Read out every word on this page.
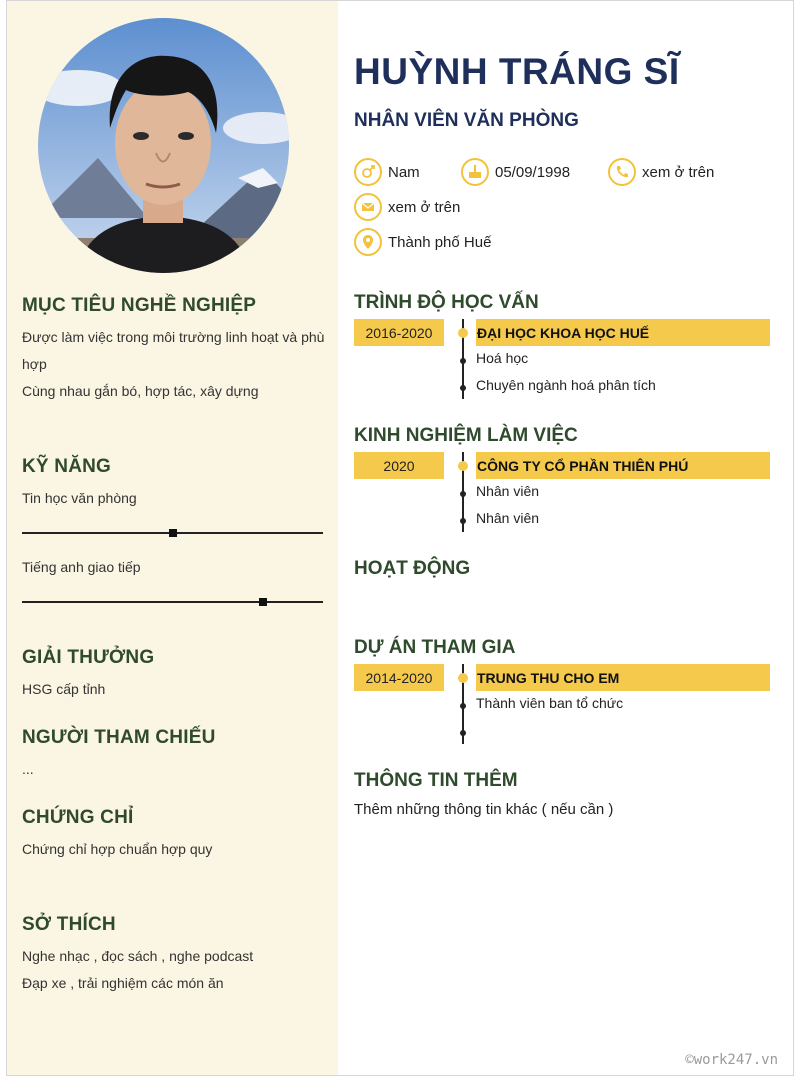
MỤC TIÊU NGHỀ NGHIỆP
Được làm việc trong môi trường linh hoạt và phù hợp
Cùng nhau gắn bó, hợp tác, xây dựng
KỸ NĂNG
Tin học văn phòng
Tiếng anh giao tiếp
GIẢI THƯỞNG
HSG cấp tỉnh
NGƯỜI THAM CHIẾU
...
CHỨNG CHỈ
Chứng chỉ hợp chuẩn hợp quy
SỞ THÍCH
Nghe nhạc , đọc sách , nghe podcast
Đạp xe , trải nghiệm các món ăn
HUỲNH TRÁNG SĨ
NHÂN VIÊN VĂN PHÒNG
Nam	05/09/1998	xem ở trên
xem ở trên
Thành phố Huế
TRÌNH ĐỘ HỌC VẤN
2016-2020	ĐẠI HỌC KHOA HỌC HUẾ
Hoá học
Chuyên ngành hoá phân tích
KINH NGHIỆM LÀM VIỆC
2020	CÔNG TY CỔ PHẦN THIÊN PHÚ
Nhân viên
Nhân viên
HOẠT ĐỘNG
DỰ ÁN THAM GIA
2014-2020	TRUNG THU CHO EM
Thành viên ban tổ chức
THÔNG TIN THÊM
Thêm những thông tin khác ( nếu cần )
©work247.vn
